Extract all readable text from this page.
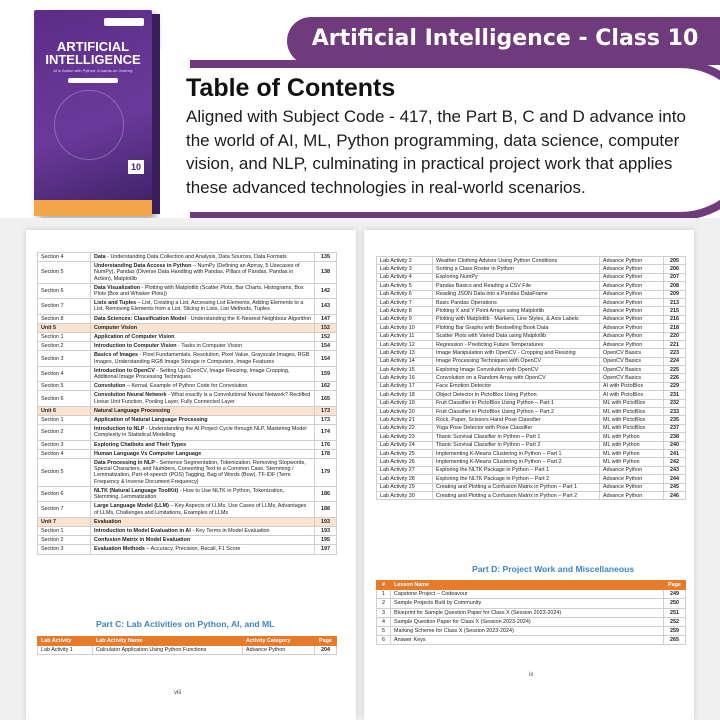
ARTIFICIAL INTELLIGENCE
AI in Action with Python: A hands-on Journey
10
Artificial Intelligence - Class 10
Table of Contents
Aligned with Subject Code - 417, the Part B, C and D advance into the world of AI, ML, Python programming, data science, computer vision, and NLP, culminating in practical project work that applies these advanced technologies in real-world scenarios.
Section 4	Data - Understanding Data Collection and Analysis, Data Sources, Data Formats	135
Section 5	Understanding Data Access in Python – NumPy (Defining an Aprray, 5 Usecases of NumPy), Pandas (Diverse Data Handling with Pandas, Pillars of Pandas, Pandas in Action), Matplotlib	138
Section 6	Data Visualization - Plotting with Matplotlib (Scatter Plots, Bar Charts, Histograms, Box Plots (Box and Whisker Plots))	142
Section 7	Lists and Tuples – List, Creating a List, Accessing List Elements, Adding Elements to a List, Removing Elements from a List, Slicing in Lists, List Methods, Tuples	143
Section 8	Data Sciences: Classification Model - Understanding the K-Nearest Neighbour Algorithm	147
Unit 5	Computer Vision	152
Section 1	Application of Computer Vision	152
Section 2	Introduction to Computer Vision - Tasks in Computer Vision	154
Section 3	Basics of Images - Pixel Fundamentals, Resolution, Pixel Value, Grayscale Images, RGB Images, Understanding RGB Image Storage in Computers, Image Features	154
Section 4	Introduction to OpenCV - Setting Up OpenCV, Image Resizing, Image Cropping, Additional Image Processing Techniques	159
Section 5	Convolution – Kernal, Example of Python Code for Convolution	162
Section 6	Convolution Neural Network - What exactly is a Convolutional Neural Network? Rectified Linear Unit Function, Pooling Layer, Fully Connected Layer	165
Unit 6	Natural Language Processing	173
Section 1	Application of Natural Language Processing	173
Section 2	Introduction to NLP - Understanding the AI Project Cycle through NLP, Mastering Model Complexity in Statistical Modelling	174
Section 3	Exploring Chatbots and Their Types	176
Section 4	Human Language Vs Computer Language	178
Section 5	Data Processing in NLP - Sentence Segmentation, Tokenization, Removing Stopwords, Special Characters, and Numbers, Converting Text to a Common Case, Stemming / Lemmatization, Part-of-speech (POS) Tagging, Bag of Words (Bow), TF-IDF (Term Frequency & Inverse Document Frequency)	179
Section 6	NLTK (Natural Language ToolKit) - How to Use NLTK in Python, Tokenization, Stemming, Lemmatization	186
Section 7	Large Language Model (LLM) – Key Aspects of LLMs, Use Cases of LLMs, Advantages of LLMs, Challenges and Limitations, Examples of LLMs	188
Unit 7	Evaluation	193
Section 1	Introduction to Model Evaluation in AI - Key Terms in Model Evaluation	193
Section 2	Confusion Matrix in Model Evaluation	195
Section 3	Evaluation Methods – Accuracy, Precision, Recall, F1 Score	197
Part C: Lab Activities on Python, AI, and ML
Lab Activity	Lab Activity Name	Activity Category	Page
Lab Activity 1	Calculator Application Using Python Functions	Advance Python	204
viii
Lab Activity 2	Weather Clothing Advisor Using Python Conditions	Advance Python	205
Lab Activity 3	Sorting a Class Roster in Python	Advance Python	206
Lab Activity 4	Exploring NumPy	Advance Python	207
Lab Activity 5	Pandas Basics and Reading a CSV File	Advance Python	208
Lab Activity 6	Reading JSON Data into a Pandas DataFrame	Advance Python	209
Lab Activity 7	Basic Pandas Operations	Advance Python	213
Lab Activity 8	Plotting X and Y Point Arrays using Matplotlib	Advance Python	215
Lab Activity 9	Plotting with Matplotlib - Markers, Line Styles, & Axis Labels	Advance Python	216
Lab Activity 10	Plotting Bar Graphs with Bestselling Book Data	Advance Python	218
Lab Activity 11	Scatter Plots with Varied Data using Matplotlib	Advance Python	220
Lab Activity 12	Regression - Predicting Future Temperatures	Advance Python	221
Lab Activity 13	Image Manipulation with OpenCV - Cropping and Resizing	OpenCV Basics	223
Lab Activity 14	Image Processing Techniques with OpenCV	OpenCV Basics	224
Lab Activity 15	Exploring Image Convolution with OpenCV	OpenCV Basics	225
Lab Activity 16	Convolution on a Random Array with OpenCV	OpenCV Basics	226
Lab Activity 17	Face Emotion Detector	AI with PictoBlox	229
Lab Activity 18	Object Detector in PictoBlox Using Python	AI with PictoBlox	231
Lab Activity 19	Fruit Classifier in PictoBlox Using Python – Part 1	ML with PictoBlox	232
Lab Activity 20	Fruit Classifier in PictoBlox Using Python – Part 2	ML with PictoBlox	233
Lab Activity 21	Rock, Paper, Scissors Hand Pose Classifier	ML with PictoBlox	235
Lab Activity 22	Yoga Pose Detector with Pose Classifier	ML with PictoBlox	237
Lab Activity 23	Titanic Survival Classifier in Python – Part 1	ML with Python	238
Lab Activity 24	Titanic Survival Classifier in Python – Part 2	ML with Python	240
Lab Activity 25	Implementing K-Means Clustering in Python – Part 1	ML with Python	241
Lab Activity 26	Implementing K-Means Clustering in Python – Part 2	ML with Python	242
Lab Activity 27	Exploring the NLTK Package in Python – Part 1	Advance Python	243
Lab Activity 28	Exploring the NLTK Package in Python – Part 2	Advance Python	244
Lab Activity 29	Creating and Plotting a Confusion Matrix in Python – Part 1	Advance Python	245
Lab Activity 30	Creating and Plotting a Confusion Matrix in Python – Part 2	Advance Python	246
Part D: Project Work and Miscellaneous
#	Lesson Name	Page
1	Capstone Project – Codeavour	249
2	Sample Projects Built by Community	250
3	Blueprint for Sample Question Paper for Class X (Session 2023-2024)	251
4	Sample Question Paper for Class X (Session 2023-2024)	252
5	Marking Scheme for Class X (Session 2023-2024)	259
6	Answer Keys	265
ix
